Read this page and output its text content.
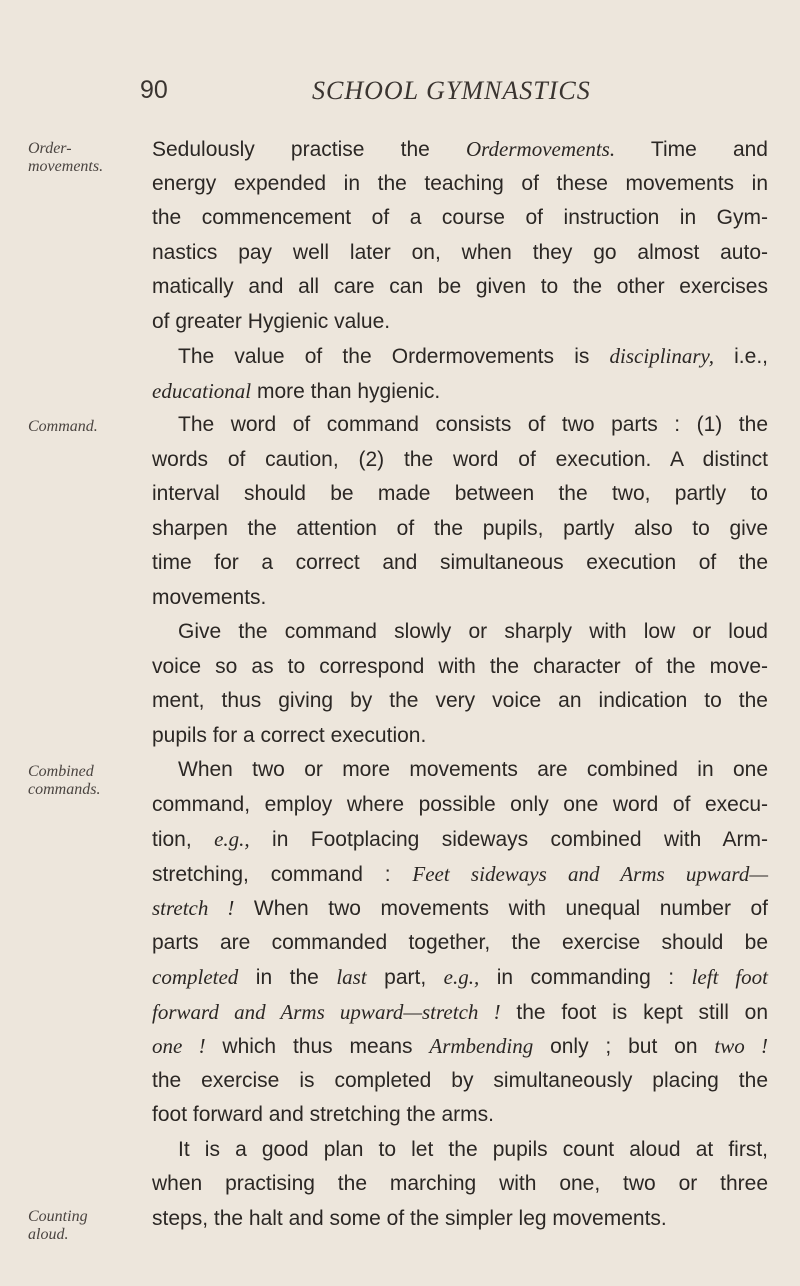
90	SCHOOL GYMNASTICS
Order-
movements.
Command.
Combined
commands.
Counting
aloud.
Sedulously practise the Ordermovements. Time and
energy expended in the teaching of these movements in
the commencement of a course of instruction in Gym-
nastics pay well later on, when they go almost auto-
matically and all care can be given to the other exercises
of greater Hygienic value.
The value of the Ordermovements is disciplinary, i.e.,
educational more than hygienic.
The word of command consists of two parts : (1) the
words of caution, (2) the word of execution. A distinct
interval should be made between the two, partly to
sharpen the attention of the pupils, partly also to give
time for a correct and simultaneous execution of the
movements.
Give the command slowly or sharply with low or loud
voice so as to correspond with the character of the move-
ment, thus giving by the very voice an indication to the
pupils for a correct execution.
When two or more movements are combined in one
command, employ where possible only one word of execu-
tion, e.g., in Footplacing sideways combined with Arm-
stretching, command : Feet sideways and Arms upward—
stretch ! When two movements with unequal number of
parts are commanded together, the exercise should be
completed in the last part, e.g., in commanding : left foot
forward and Arms upward—stretch ! the foot is kept still on
one ! which thus means Armbending only ; but on two !
the exercise is completed by simultaneously placing the
foot forward and stretching the arms.
It is a good plan to let the pupils count aloud at first,
when practising the marching with one, two or three
steps, the halt and some of the simpler leg movements.
